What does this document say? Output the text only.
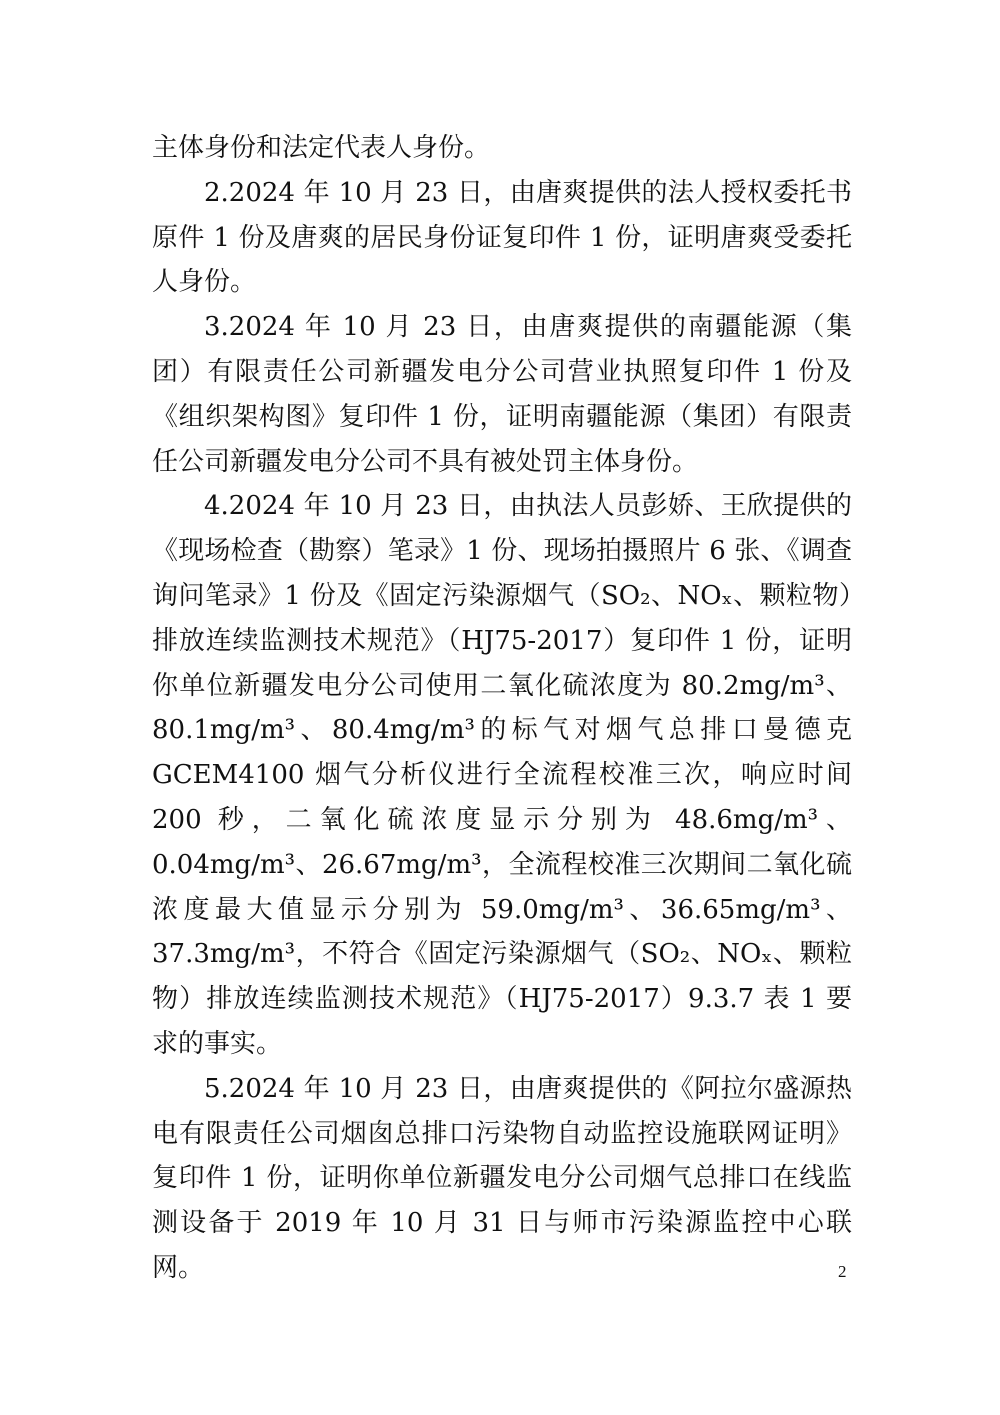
主体身份和法定代表人身份。

2.2024 年 10 月 23 日，由唐爽提供的法人授权委托书原件 1 份及唐爽的居民身份证复印件 1 份，证明唐爽受委托人身份。

3.2024 年 10 月 23 日，由唐爽提供的南疆能源（集团）有限责任公司新疆发电分公司营业执照复印件 1 份及《组织架构图》复印件 1 份，证明南疆能源（集团）有限责任公司新疆发电分公司不具有被处罚主体身份。

4.2024 年 10 月 23 日，由执法人员彭娇、王欣提供的《现场检查（勘察）笔录》1 份、现场拍摄照片 6 张、《调查询问笔录》1 份及《固定污染源烟气（SO₂、NOₓ、颗粒物）排放连续监测技术规范》（HJ75-2017）复印件 1 份，证明你单位新疆发电分公司使用二氧化硫浓度为 80.2mg/m³、80.1mg/m³、80.4mg/m³的标气对烟气总排口曼德克 GCEM4100 烟气分析仪进行全流程校准三次，响应时间 200 秒，二氧化硫浓度显示分别为 48.6mg/m³、0.04mg/m³、26.67mg/m³，全流程校准三次期间二氧化硫浓度最大值显示分别为 59.0mg/m³、36.65mg/m³、37.3mg/m³，不符合《固定污染源烟气（SO₂、NOₓ、颗粒物）排放连续监测技术规范》（HJ75-2017）9.3.7 表 1 要求的事实。

5.2024 年 10 月 23 日，由唐爽提供的《阿拉尔盛源热电有限责任公司烟囱总排口污染物自动监控设施联网证明》复印件 1 份，证明你单位新疆发电分公司烟气总排口在线监测设备于 2019 年 10 月 31 日与师市污染源监控中心联网。	2
